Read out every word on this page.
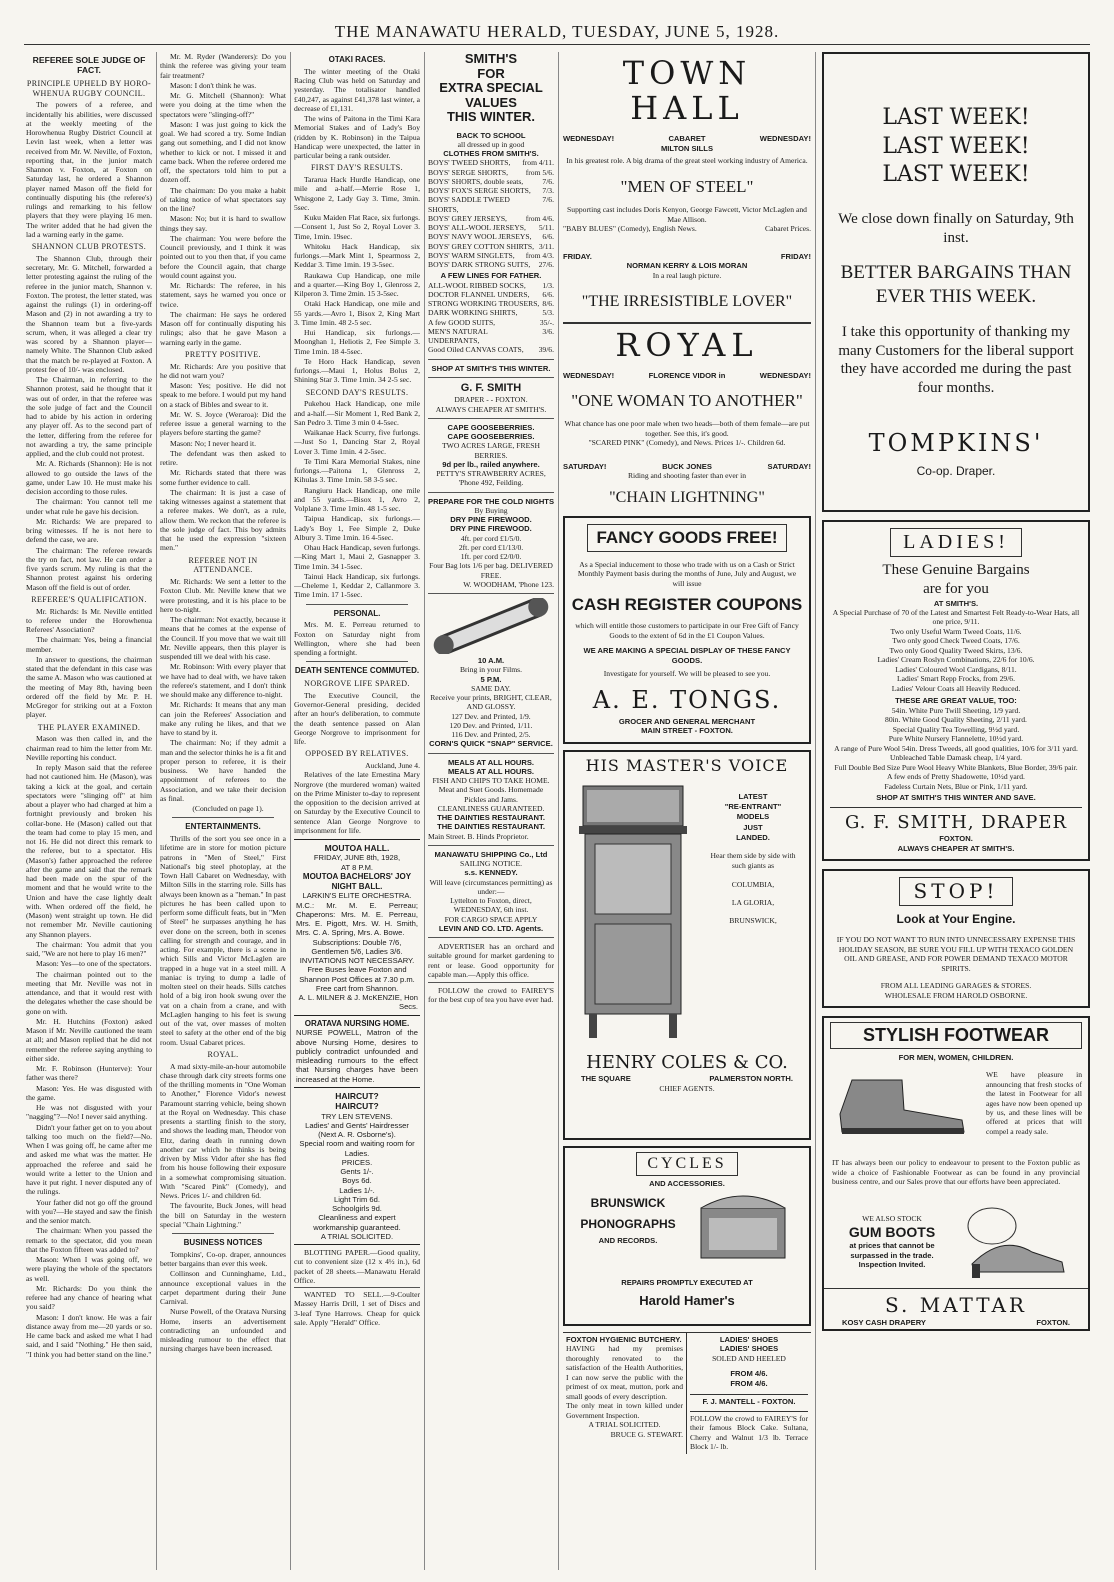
THE MANAWATU HERALD, TUESDAY, JUNE 5, 1928.
REFEREE SOLE JUDGE OF FACT.
PRINCIPLE UPHELD BY HORO-WHENUA RUGBY COUNCIL.

The powers of a referee, and incidentally his abilities, were discussed at the weekly meeting of the Horowhenua Rugby District Council at Levin last week, when a letter was received from Mr. W. Neville, of Foxton, reporting that, in the junior match Shannon v. Foxton, at Foxton on Saturday last, he ordered a Shannon player named Mason off the field for continually disputing his (the referee's) rulings and remarking to his fellow players that they were playing 16 men. The writer added that he had given the lad a warning early in the game.

SHANNON CLUB PROTESTS.

The Shannon Club, through their secretary, Mr. G. Mitchell, forwarded a letter protesting against the ruling of the referee in the junior match, Shannon v. Foxton. The protest, the letter stated, was against the rulings (1) in ordering-off Mason and (2) in not awarding a try to the Shannon team but a five-yards scrum, when, it was alleged a clear try was scored by a Shannon player—namely White. The Shannon Club asked that the match be re-played at Foxton. A protest fee of 10/- was enclosed.

The Chairman, in referring to the Shannon protest, said he thought that it was out of order, in that the referee was the sole judge of fact and the Council had to abide by his action in ordering any player off. As to the second part of the letter, differing from the referee for not awarding a try, the same principle applied, and the club could not protest.

Mr. A. Richards (Shannon): He is not allowed to go outside the laws of the game, under Law 10. He must make his decision according to those rules.

The chairman: You cannot tell me under what rule he gave his decision.

Mr. Richards: We are prepared to bring witnesses. If he is not here to defend the case, we are.

The chairman: The referee rewards the try on fact, not law. He can order a five yards scrum. My ruling is that the Shannon protest against his ordering Mason off the field is out of order.

REFEREE'S QUALIFICATION.

Mr. Richards: Is Mr. Neville entitled to referee under the Horowhenua Referees' Association?

The chairman: Yes, being a financial member.

In answer to questions, the chairman stated that the defendant in this case was the same A. Mason who was cautioned at the meeting of May 8th, having been ordered off the field by Mr. P. H. McGregor for striking out at a Foxton player.

THE PLAYER EXAMINED.

Mason was then called in, and the chairman read to him the letter from Mr. Neville reporting his conduct.

In reply Mason said that the referee had not cautioned him. He (Mason), was taking a kick at the goal, and certain spectators were "slinging off" at him about a player who had charged at him a fortnight previously and broken his collar-bone. He (Mason) called out that the team had come to play 15 men, and not 16. He did not direct this remark to the referee, but to a spectator. His (Mason's) father approached the referee after the game and said that the remark had been made on the spur of the moment and that he would write to the Union and have the case lightly dealt with. When ordered off the field, he (Mason) went straight up town. He did not remember Mr. Neville cautioning any Shannon players.

The chairman: You admit that you said, "We are not here to play 16 men?"

Mason: Yes—to one of the spectators.

The chairman pointed out to the meeting that Mr. Neville was not in attendance, and that it would rest with the delegates whether the case should be gone on with.

Mr. H. Hutchins (Foxton) asked Mason if Mr. Neville cautioned the team at all; and Mason replied that he did not remember the referee saying anything to either side.

Mr. F. Robinson (Hunterve): Your father was there?

Mason: Yes. He was disgusted with the game.

He was not disgusted with your "nagging"?—No! I never said anything.

Didn't your father get on to you about talking too much on the field?—No. When I was going off, he came after me and asked me what was the matter. He approached the referee and said he would write a letter to the Union and have it put right. I never disputed any of the rulings.

Your father did not go off the ground with you?—He stayed and saw the finish and the senior match.

The chairman: When you passed the remark to the spectator, did you mean that the Foxton fifteen was added to?

Mason: When I was going off, we were playing the whole of the spectators as well.

Mr. Richards: Do you think the referee had any chance of hearing what you said?

Mason: I don't know. He was a fair distance away from me—20 yards or so. He came back and asked me what I had said, and I said "Nothing." He then said, "I think you had better stand on the line."

Mr. M. Ryder (Wanderers): Do you think the referee was giving your team fair treatment?

Mason: I don't think he was.

Mr. G. Mitchell (Shannon): What were you doing at the time when the spectators were "slinging-off?"

Mason: I was just going to kick the goal. We had scored a try. Some Indian gang out something, and I did not know whether to kick or not. I missed it and came back. When the referee ordered me off, the spectators told him to put a dozen off.

The chairman: Do you make a habit of taking notice of what spectators say on the line?

Mason: No; but it is hard to swallow things they say.

The chairman: You were before the Council previously, and I think it was pointed out to you then that, if you came before the Council again, that charge would count against you.

Mr. Richards: The referee, in his statement, says he warned you once or twice.

The chairman: He says he ordered Mason off for continually disputing his rulings; also that he gave Mason a warning early in the game.

PRETTY POSITIVE.

Mr. Richards: Are you positive that he did not warn you?

Mason: Yes; positive. He did not speak to me before. I would put my hand on a stack of Bibles and swear to it.

Mr. W. S. Joyce (Weraroa): Did the referee issue a general warning to the players before starting the game?

Mason: No; I never heard it.

The defendant was then asked to retire.

Mr. Richards stated that there was some further evidence to call.

The chairman: It is just a case of taking witnesses against a statement that a referee makes. We don't, as a rule, allow them. We reckon that the referee is the sole judge of fact. This boy admits that he used the expression "sixteen men."

REFEREE NOT IN ATTENDANCE.

Mr. Richards: We sent a letter to the Foxton Club. Mr. Neville knew that we were protesting, and it is his place to be here to-night.

The chairman: Not exactly, because it means that he comes at the expense of the Council. If you move that we wait till Mr. Neville appears, then this player is suspended till we deal with his case.

Mr. Robinson: With every player that we have had to deal with, we have taken the referee's statement, and I don't think we should make any difference to-night.

Mr. Richards: It means that any man can join the Referees' Association and make any ruling he likes, and that we have to stand by it.

The chairman: No; if they admit a man and the selector thinks he is a fit and proper person to referee, it is their business. We have handed the appointment of referees to the Association, and we take their decision as final.

(Concluded on page 1).

ENTERTAINMENTS.

Thrills of the sort you see once in a lifetime are in store for motion picture patrons in "Men of Steel," First National's big steel photoplay, at the Town Hall Cabaret on Wednesday, with Milton Sills in the starring role. Sills has always been known as a "heman." In past pictures he has been called upon to perform some difficult feats, but in "Men of Steel" he surpasses anything he has ever done on the screen, both in scenes calling for strength and courage, and in acting. For example, there is a scene in which Sills and Victor McLaglen are trapped in a huge vat in a steel mill. A maniac is trying to dump a ladle of molten steel on their heads. Sills catches hold of a big iron hook swung over the vat on a chain from a crane, and with McLaglen hanging to his feet is swung out of the vat, over masses of molten steel to safety at the other end of the big room. Usual Cabaret prices.

ROYAL.

A mad sixty-mile-an-hour automobile chase through dark city streets forms one of the thrilling moments in "One Woman to Another," Florence Vidor's newest Paramount starring vehicle, being shown at the Royal on Wednesday. This chase presents a startling finish to the story, and shows the leading man, Theodor von Eltz, daring death in running down another car which he thinks is being driven by Miss Vidor after she has fled from his house following their exposure in a somewhat compromising situation. With "Scared Pink" (Comedy), and News. Prices 1/- and children 6d.

The favourite, Buck Jones, will head the bill on Saturday in the western special "Chain Lightning."

BUSINESS NOTICES

Tompkins', Co-op. draper, announces better bargains than ever this week.

Collinson and Cunninghame, Ltd., announce exceptional values in the carpet department during their June Carnival.

Nurse Powell, of the Oratava Nursing Home, inserts an advertisement contradicting an unfounded and misleading rumour to the effect that nursing charges have been increased.

OTAKI RACES.

The winter meeting of the Otaki Racing Club was held on Saturday and yesterday. The totalisator handled £40,247, as against £41,378 last winter, a decrease of £1,131.

The wins of Paitona in the Timi Kara Memorial Stakes and of Lady's Boy (ridden by K. Robinson) in the Taipua Handicap were unexpected, the latter in particular being a rank outsider.

FIRST DAY'S RESULTS.

Tararua Hack Hurdle Handicap, one mile and a-half.—Merrie Rose 1, Whisgone 2, Lady Gay 3. Time, 3min. 5sec.

Kuku Maiden Flat Race, six furlongs.—Consent 1, Just So 2, Royal Lover 3. Time, 1min. 19sec.

Whitoku Hack Handicap, six furlongs.—Mark Mint 1, Spearmoss 2, Keddar 3. Time 1min. 19 3-5sec.

Raukawa Cup Handicap, one mile and a quarter.—King Boy 1, Glenross 2, Kilperon 3. Time 2min. 15 3-5sec.

Otaki Hack Handicap, one mile and 55 yards.—Avro 1, Bisox 2, King Mart 3. Time 1min. 48 2-5 sec.

Hui Handicap, six furlongs.—Moonghan 1, Heliotis 2, Fee Simple 3. Time 1min. 18 4-5sec.

Te Horo Hack Handicap, seven furlongs.—Maui 1, Holus Bolus 2, Shining Star 3. Time 1min. 34 2-5 sec.

SECOND DAY'S RESULTS.

Pukehou Hack Handicap, one mile and a-half.—Sir Moment 1, Red Bank 2, San Pedro 3. Time 3 min 0 4-5sec.

Waikanae Hack Scurry, five furlongs.—Just So 1, Dancing Star 2, Royal Lover 3. Time 1min. 4 2-5sec.

Te Timi Kara Memorial Stakes, nine furlongs.—Paitona 1, Glenross 2, Kihulas 3. Time 1min. 58 3-5 sec.

Rangiuru Hack Handicap, one mile and 55 yards.—Bisox 1, Avro 2, Volplane 3. Time 1min. 48 1-5 sec.

Taipua Handicap, six furlongs.—Lady's Boy 1, Fee Simple 2, Duke Albury 3. Time 1min. 16 4-5sec.

Ohau Hack Handicap, seven furlongs.—King Mart 1, Maui 2, Gasnapper 3. Time 1min. 34 1-5sec.

Tainui Hack Handicap, six furlongs.—Cheleme 1, Keddar 2, Callanmore 3. Time 1min. 17 1-5sec.

PERSONAL.

Mrs. M. E. Perreau returned to Foxton on Saturday night from Wellington, where she had been spending a fortnight.

DEATH SENTENCE COMMUTED.
NORGROVE LIFE SPARED.

The Executive Council, the Governor-General presiding, decided after an hour's deliberation, to commute the death sentence passed on Alan George Norgrove to imprisonment for life.

OPPOSED BY RELATIVES.
Auckland, June 4.

Relatives of the late Ernestina Mary Norgrove (the murdered woman) waited on the Prime Minister to-day to represent the opposition to the decision arrived at on Saturday by the Executive Council to sentence Alan George Norgrove to imprisonment for life.

MOUTOA HALL.
FRIDAY, JUNE 8th, 1928,
AT 8 P.M.
MOUTOA BACHELORS' JOY NIGHT BALL.
LARKIN'S ELITE ORCHESTRA.
M.C.: Mr. M. E. Perreau; Chaperons: Mrs. M. E. Perreau, Mrs. E. Pigott, Mrs. W. H. Smith, Mrs. C. A. Spring, Mrs. A. Bowe.
Subscriptions: Double 7/6, Gentlemen 5/6, Ladies 3/6.
INVITATIONS NOT NECESSARY.
Free Buses leave Foxton and Shannon Post Offices at 7.30 p.m. Free cart from Shannon.
A. L. MILNER & J. McKENZIE, Hon Secs.
ORATAVA NURSING HOME.
NURSE POWELL, Matron of the above Nursing Home, desires to publicly contradict unfounded and misleading rumours to the effect that Nursing charges have been increased at the Home.
HAIRCUT?
HAIRCUT?
TRY LEN STEVENS.
Ladies' and Gents' Hairdresser (Next A. R. Osborne's).
Special room and waiting room for Ladies.
PRICES.
Gents 1/-.
Boys 6d.
Ladies 1/-.
Light Trim 6d.
Schoolgirls 9d.
Cleanliness and expert workmanship guaranteed.
A TRIAL SOLICITED.

BLOTTING PAPER.—Good quality, cut to convenient size (12 x 4½ in.), 6d packet of 28 sheets.—Manawatu Herald Office.

WANTED TO SELL.—9-Coulter Massey Harris Drill, 1 set of Discs and 3-leaf Tyne Harrows. Cheap for quick sale. Apply "Herald" Office.

SMITH'S
FOR
EXTRA SPECIAL
VALUES
THIS WINTER.
BACK TO SCHOOL
all dressed up in good
CLOTHES FROM SMITH'S.
BOYS' TWEED SHORTS, from 4/11.
BOYS' SERGE SHORTS, from 5/6.
BOYS' SHORTS, double seats,	7/6.
BOYS' FOX'S SERGE SHORTS, 7/3.
BOYS' SADDLE TWEED SHORTS,
7/6.
BOYS' GREY JERSEYS, from 4/6.
BOYS' ALL-WOOL JERSEYS, 5/11.
BOYS' NAVY WOOL JERSEYS, 6/6.
BOYS' GREY COTTON SHIRTS, 3/11.
BOYS' WARM SINGLETS, from 4/3.
BOYS' DARK STRONG SUITS, 27/6.
A FEW LINES FOR FATHER.
ALL-WOOL RIBBED SOCKS, 1/3.
DOCTOR FLANNEL UNDERS, 6/6.
STRONG WORKING TROUSERS, 8/6.
DARK WORKING SHIRTS,	5/3.
A few GOOD SUITS,	35/-.
MEN'S NATURAL UNDERPANTS,
3/6.
Good Oiled CANVAS COATS, 39/6.
SHOP AT SMITH'S THIS WINTER.
G. F. SMITH
DRAPER - - FOXTON.
ALWAYS CHEAPER AT SMITH'S.
CAPE GOOSEBERRIES.
CAPE GOOSEBERRIES.
TWO ACRES LARGE, FRESH BERRIES.
9d per lb., railed anywhere.
PETTY'S STRAWBERRY ACRES, 'Phone 492, Feilding.
PREPARE FOR THE COLD NIGHTS
By Buying
DRY PINE FIREWOOD.
DRY PINE FIREWOOD.
4ft. per cord £1/5/0.
2ft. per cord £1/13/0.
1ft. per cord £2/0/0.
Four Bag lots 1/6 per bag. DELIVERED FREE.
W. WOODHAM, 'Phone 123.
10 A.M.
Bring in your Films.
5 P.M.
SAME DAY.
Receive your prints, BRIGHT, CLEAR, AND GLOSSY.
127 Dev. and Printed, 1/9.
120 Dev. and Printed, 1/11.
116 Dev. and Printed, 2/5.
CORN'S QUICK "SNAP" SERVICE.
MEALS AT ALL HOURS.
MEALS AT ALL HOURS.
FISH AND CHIPS TO TAKE HOME.
Meat and Suet Goods. Homemade Pickles and Jams.
CLEANLINESS GUARANTEED.
THE DAINTIES RESTAURANT.
THE DAINTIES RESTAURANT.
Main Street. B. Hinds Proprietor.
MANAWATU SHIPPING Co., Ltd
SAILING NOTICE.
s.s. KENNEDY.
Will leave (circumstances permitting) as under:—
Lyttelton to Foxton, direct, WEDNESDAY, 6th inst.
FOR CARGO SPACE APPLY
LEVIN AND CO. LTD. Agents.

ADVERTISER has an orchard and suitable ground for market gardening to rent or lease. Good opportunity for capable man.—Apply this office.

FOLLOW the crowd to FAIREY'S for the best cup of tea you have ever had.

TOWN HALL
WEDNESDAY!	CABARET	WEDNESDAY!
MILTON SILLS
In his greatest role. A big drama of the great steel working industry of America.
"MEN OF STEEL"
Supporting cast includes Doris Kenyon, George Fawcett, Victor McLaglen and Mae Allison.
"BABY BLUES" (Comedy), English News.	Cabaret Prices.
FRIDAY.	FRIDAY!
NORMAN KERRY & LOIS MORAN
In a real laugh picture.
"THE IRRESISTIBLE LOVER"
ROYAL
WEDNESDAY!	FLORENCE VIDOR in	WEDNESDAY!
"ONE WOMAN TO ANOTHER"
What chance has one poor male when two heads—both of them female—are put together. See this, it's good.
"SCARED PINK" (Comedy), and News. Prices 1/-. Children 6d.
SATURDAY!	BUCK JONES	SATURDAY!
Riding and shooting faster than ever in
"CHAIN LIGHTNING"
FANCY GOODS FREE!
As a Special inducement to those who trade with us on a Cash or Strict Monthly Payment basis during the months of June, July and August, we will issue
CASH REGISTER COUPONS
which will entitle those customers to participate in our Free Gift of Fancy Goods to the extent of 6d in the £1 Coupon Values.
WE ARE MAKING A SPECIAL DISPLAY OF THESE FANCY GOODS.
Investigate for yourself. We will be pleased to see you.
A. E. TONGS.
GROCER AND GENERAL MERCHANT
MAIN STREET - FOXTON.
HIS MASTER'S VOICE
LATEST
"RE-ENTRANT"
MODELS
JUST
LANDED.
Hear them side by side with such giants as
COLUMBIA,
LA GLORIA,
BRUNSWICK,
HENRY COLES & CO.
THE SQUARE	PALMERSTON NORTH.
CHIEF AGENTS.
CYCLES
AND ACCESSORIES.
BRUNSWICK
PHONOGRAPHS
AND RECORDS.
REPAIRS PROMPTLY EXECUTED AT
Harold Hamer's
FOXTON HYGIENIC BUTCHERY.
HAVING had my premises thoroughly renovated to the satisfaction of the Health Authorities, I can now serve the public with the primest of ox meat, mutton, pork and small goods of every description.
The only meat in town killed under Government Inspection.
A TRIAL SOLICITED.
BRUCE G. STEWART.
LADIES' SHOES
LADIES' SHOES
SOLED AND HEELED
FROM 4/6.
FROM 4/6.
F. J. MANTELL - FOXTON.
FOLLOW the crowd to FAIREY'S for their famous Block Cake. Sultana, Cherry and Walnut 1/3 lb. Terrace Block 1/- lb.
LAST WEEK!
LAST WEEK!
LAST WEEK!
We close down finally on Saturday, 9th inst.
BETTER BARGAINS THAN EVER THIS WEEK.
I take this opportunity of thanking my many Customers for the liberal support they have accorded me during the past four months.
TOMPKINS'
Co-op. Draper.
LADIES!
These Genuine Bargains
are for you
AT SMITH'S.
A Special Purchase of 70 of the Latest and Smartest Felt Ready-to-Wear Hats, all one price, 9/11.
Two only Useful Warm Tweed Coats, 11/6.
Two only good Check Tweed Coats, 17/6.
Two only Good Quality Tweed Skirts, 13/6.
Ladies' Cream Roslyn Combinations, 22/6 for 10/6.
Ladies' Coloured Wool Cardigans, 8/11.
Ladies' Smart Repp Frocks, from 29/6.
Ladies' Velour Coats all Heavily Reduced.
THESE ARE GREAT VALUE, TOO:
54in. White Pure Twill Sheeting, 1/9 yard.
80in. White Good Quality Sheeting, 2/11 yard.
Special Quality Tea Towelling, 9½d yard.
Pure White Nursery Flannelette, 10½d yard.
A range of Pure Wool 54in. Dress Tweeds, all good qualities, 10/6 for 3/11 yard.
Unbleached Table Damask cheap, 1/4 yard.
Full Double Bed Size Pure Wool Heavy White Blankets, Blue Border, 39/6 pair.
A few ends of Pretty Shadowette, 10½d yard.
Fadeless Curtain Nets, Blue or Pink, 1/11 yard.
SHOP AT SMITH'S THIS WINTER AND SAVE.
G. F. SMITH, DRAPER
FOXTON.
ALWAYS CHEAPER AT SMITH'S.
STOP!
Look at Your Engine.
IF YOU DO NOT WANT TO RUN INTO UNNECESSARY EXPENSE THIS HOLIDAY SEASON, BE SURE YOU FILL UP WITH TEXACO GOLDEN OIL AND GREASE, AND FOR POWER DEMAND TEXACO MOTOR SPIRITS.
FROM ALL LEADING GARAGES & STORES.
WHOLESALE FROM HAROLD OSBORNE.
STYLISH FOOTWEAR
FOR MEN, WOMEN, CHILDREN.
WE have pleasure in announcing that fresh stocks of the latest in Footwear for all ages have now been opened up by us, and these lines will be offered at prices that will compel a ready sale.
IT has always been our policy to endeavour to present to the Foxton public as wide a choice of Fashionable Footwear as can be found in any provincial business centre, and our Sales prove that our efforts have been appreciated.
WE ALSO STOCK
GUM BOOTS
at prices that cannot be surpassed in the trade.
Inspection Invited.
S. MATTAR
KOSY CASH DRAPERY	FOXTON.
